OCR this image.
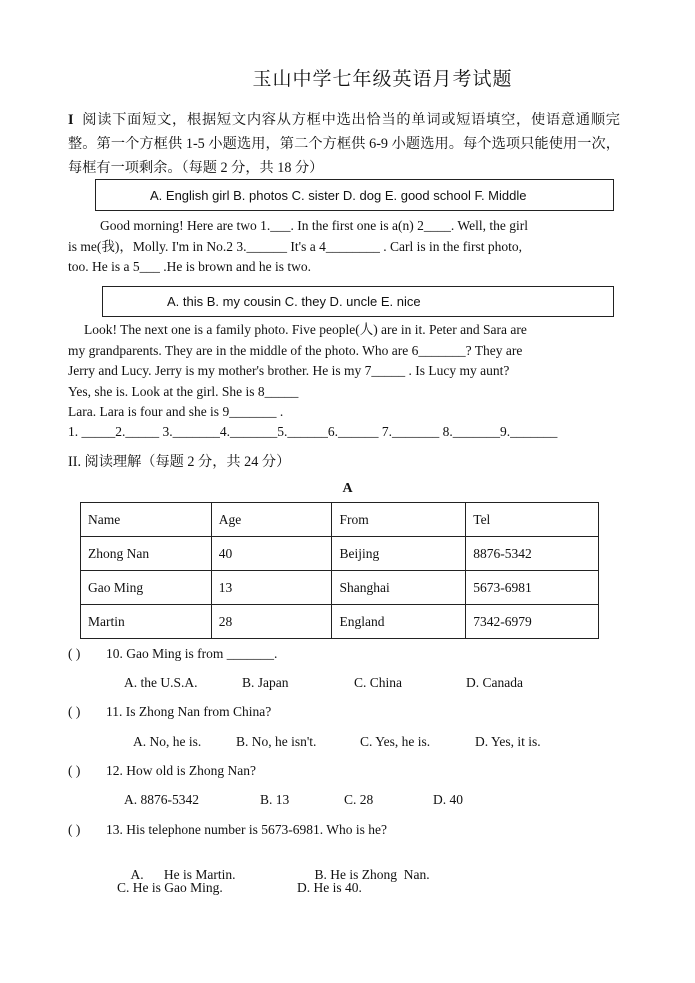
玉山中学七年级英语月考试题
I 阅读下面短文，根据短文内容从方框中选出恰当的单词或短语填空，使语意通顺完整。第一个方框供 1-5 小题选用，第二个方框供 6-9 小题选用。每个选项只能使用一次，每框有一项剩余。（每题 2 分，共 18 分）
A. English girl B. photos C. sister D. dog E. good school F. Middle
Good morning! Here are two 1.___. In the first one is a(n) 2____. Well, the girl
is me(我)，Molly. I'm in No.2 3.______ It's a 4________ . Carl is in the first photo,
too. He is a 5___ .He is brown and he is two.
A. this B. my cousin C. they D. uncle E. nice
Look! The next one is a family photo. Five people(人) are in it. Peter and Sara are
my grandparents. They are in the middle of the photo. Who are 6_______? They are
Jerry and Lucy. Jerry is my mother's brother. He is my 7_____ . Is Lucy my aunt?
Yes, she is. Look at the girl. She is 8_____
Lara. Lara is four and she is 9_______ .
1. _____2._____ 3._______4._______5.______6.______ 7._______ 8._______9._______
II. 阅读理解（每题 2 分，共 24 分）
A
Name	Age	From	Tel
Zhong Nan	40	Beijing	8876-5342
Gao Ming	13	Shanghai	5673-6981
Martin	28	England	7342-6979
( ) 10. Gao Ming is from _______.
A. the U.S.A.	B. Japan	C. China	D. Canada
( ) 11. Is Zhong Nan from China?
A. No, he is.	B. No, he isn't.	C. Yes, he is.	D. Yes, it is.
( ) 12. How old is Zhong Nan?
A. 8876-5342	B. 13	C. 28	D. 40
( ) 13. His telephone number is 5673-6981. Who is he?

A.      He is Martin.	B. He is Zhong  Nan.

C. He is Gao Ming.	D. He is 40.
